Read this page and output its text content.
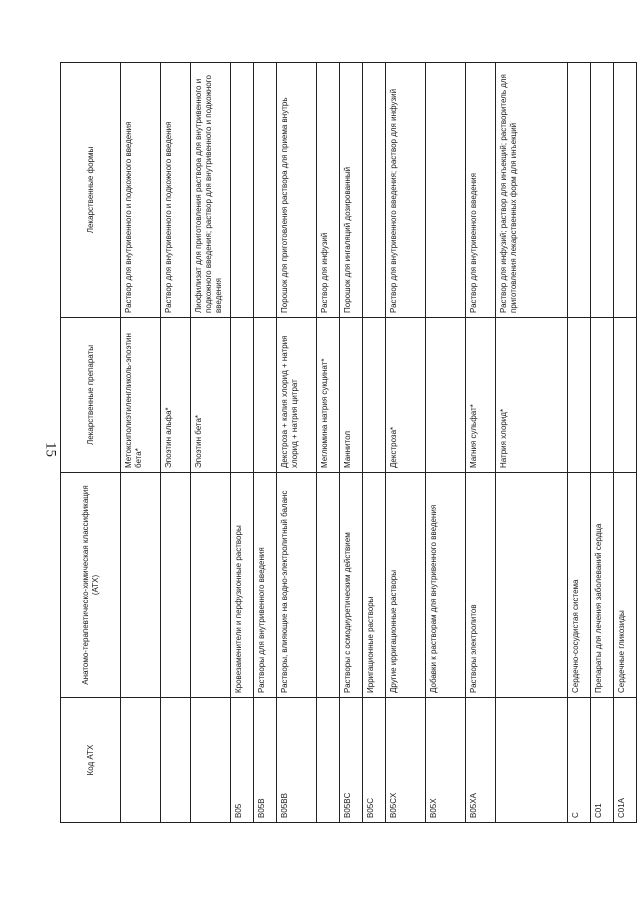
15
Код АТХ	Анатомо-терапевтическо-химическая классификация (АТХ)	Лекарственные препараты	Лекарственные формы
		Метоксиполиэтиленгликоль-эпоэтин бета*	Раствор для внутривенного и подкожного введения
		Эпоэтин альфа*	Раствор для внутривенного и подкожного введения
		Эпоэтин бета*	Лиофилизат для приготовления раствора для внутривенного и подкожного введения; раствор для внутривенного и подкожного введения
B05	Кровезаменители и перфузионные растворы		
B05B	Растворы для внутривенного введения		
B05BB	Растворы, влияющие на водно-электролитный баланс	Декстроза + калия хлорид + натрия хлорид + натрия цитрат	Порошок для приготовления раствора для приема внутрь
		Меглюмина натрия сукцинат*	Раствор для инфузий
B05BC	Растворы с осмодиуретическим действием	Маннитол	Порошок для ингаляций дозированный
B05C	Ирригационные растворы		
B05CX	Другие ирригационные растворы	Декстроза*	Раствор для внутривенного введения; раствор для инфузий
B05X	Добавки к растворам для внутривенного введения		
B05XA	Растворы электролитов	Магния сульфат*	Раствор для внутривенного введения
		Натрия хлорид*	Раствор для инфузий; раствор для инъекций; растворитель для приготовления лекарственных форм для инъекций
C	Сердечно-сосудистая система		
C01	Препараты для лечения заболеваний сердца		
C01A	Сердечные гликозиды		
